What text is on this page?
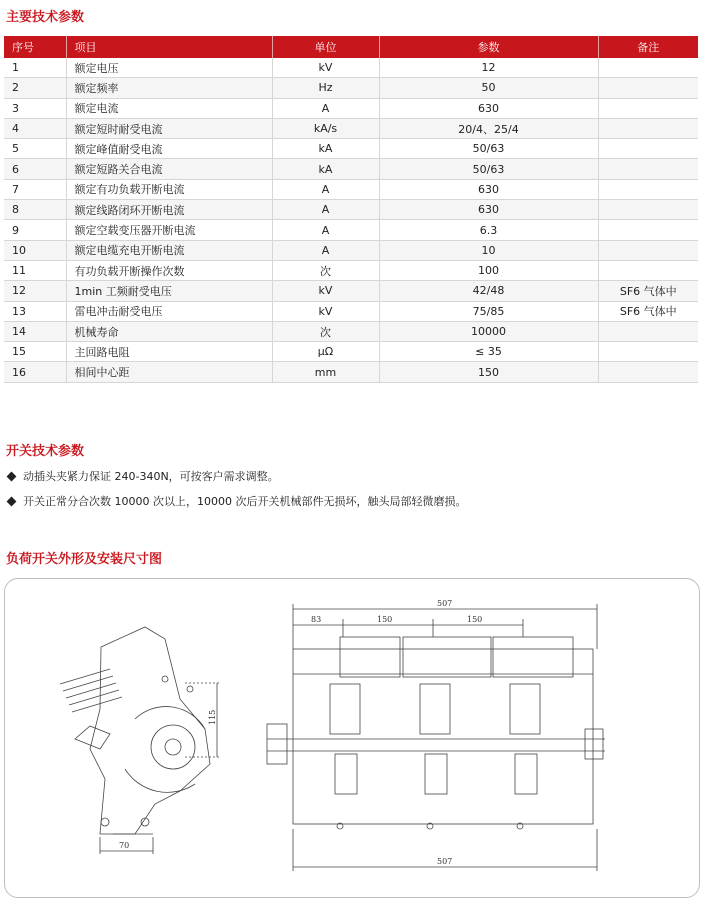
主要技术参数
序号	项目	单位	参数	备注
1	额定电压	kV	12	
2	额定频率	Hz	50	
3	额定电流	A	630	
4	额定短时耐受电流	kA/s	20/4、25/4	
5	额定峰值耐受电流	kA	50/63	
6	额定短路关合电流	kA	50/63	
7	额定有功负载开断电流	A	630	
8	额定线路闭环开断电流	A	630	
9	额定空载变压器开断电流	A	6.3	
10	额定电缆充电开断电流	A	10	
11	有功负载开断操作次数	次	100	
12	1min 工频耐受电压	kV	42/48	SF6 气体中
13	雷电冲击耐受电压	kV	75/85	SF6 气体中
14	机械寿命	次	10000	
15	主回路电阻	μΩ	≤ 35	
16	相间中心距	mm	150	
开关技术参数
动插头夹紧力保证 240-340N，可按客户需求调整。
开关正常分合次数 10000 次以上，10000 次后开关机械部件无损坏，触头局部轻微磨损。
负荷开关外形及安装尺寸图
115
70
507
83	150	150
507
